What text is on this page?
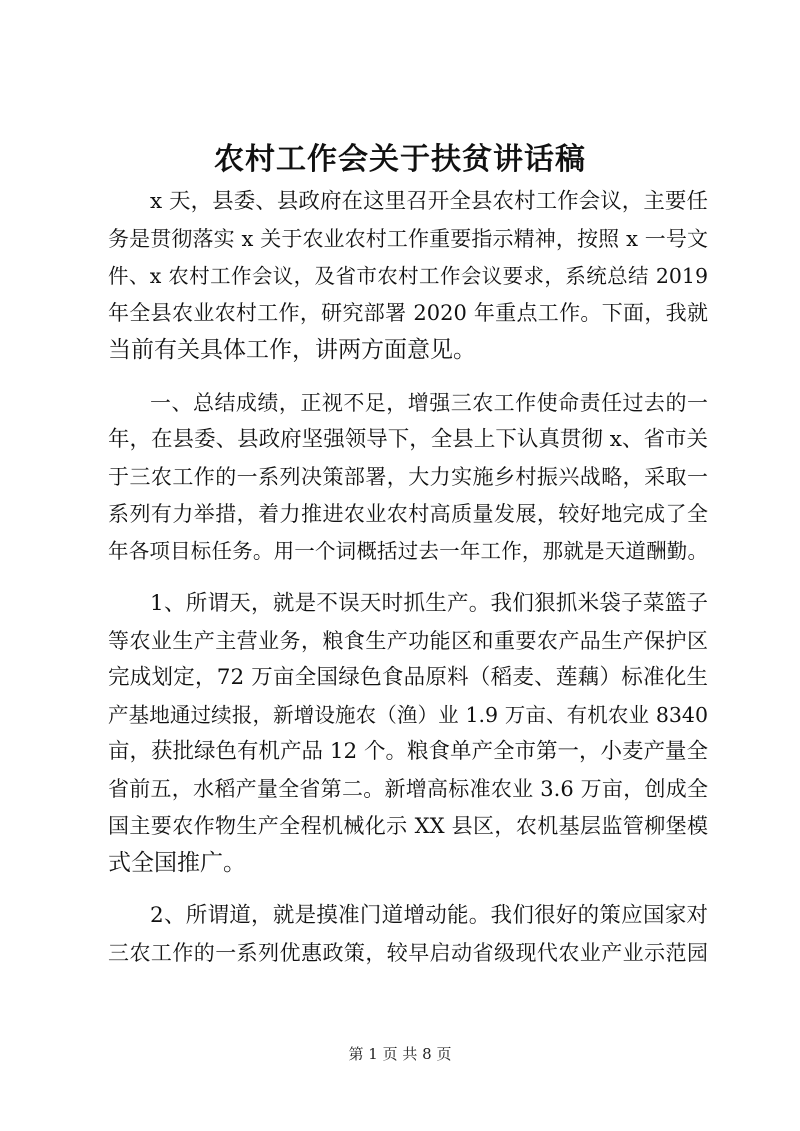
农村工作会关于扶贫讲话稿
x 天，县委、县政府在这里召开全县农村工作会议，主要任
务是贯彻落实 x 关于农业农村工作重要指示精神，按照 x 一号文
件、x 农村工作会议，及省市农村工作会议要求，系统总结 2019
年全县农业农村工作，研究部署 2020 年重点工作。下面，我就
当前有关具体工作，讲两方面意见。
一、总结成绩，正视不足，增强三农工作使命责任过去的一
年，在县委、县政府坚强领导下，全县上下认真贯彻 x、省市关
于三农工作的一系列决策部署，大力实施乡村振兴战略，采取一
系列有力举措，着力推进农业农村高质量发展，较好地完成了全
年各项目标任务。用一个词概括过去一年工作，那就是天道酬勤。
1、所谓天，就是不误天时抓生产。我们狠抓米袋子菜篮子
等农业生产主营业务，粮食生产功能区和重要农产品生产保护区
完成划定，72 万亩全国绿色食品原料（稻麦、莲藕）标准化生
产基地通过续报，新增设施农（渔）业 1.9 万亩、有机农业 8340
亩，获批绿色有机产品 12 个。粮食单产全市第一，小麦产量全
省前五，水稻产量全省第二。新增高标准农业 3.6 万亩，创成全
国主要农作物生产全程机械化示 XX 县区，农机基层监管柳堡模
式全国推广。
2、所谓道，就是摸准门道增动能。我们很好的策应国家对
三农工作的一系列优惠政策，较早启动省级现代农业产业示范园
第 1 页 共 8 页
